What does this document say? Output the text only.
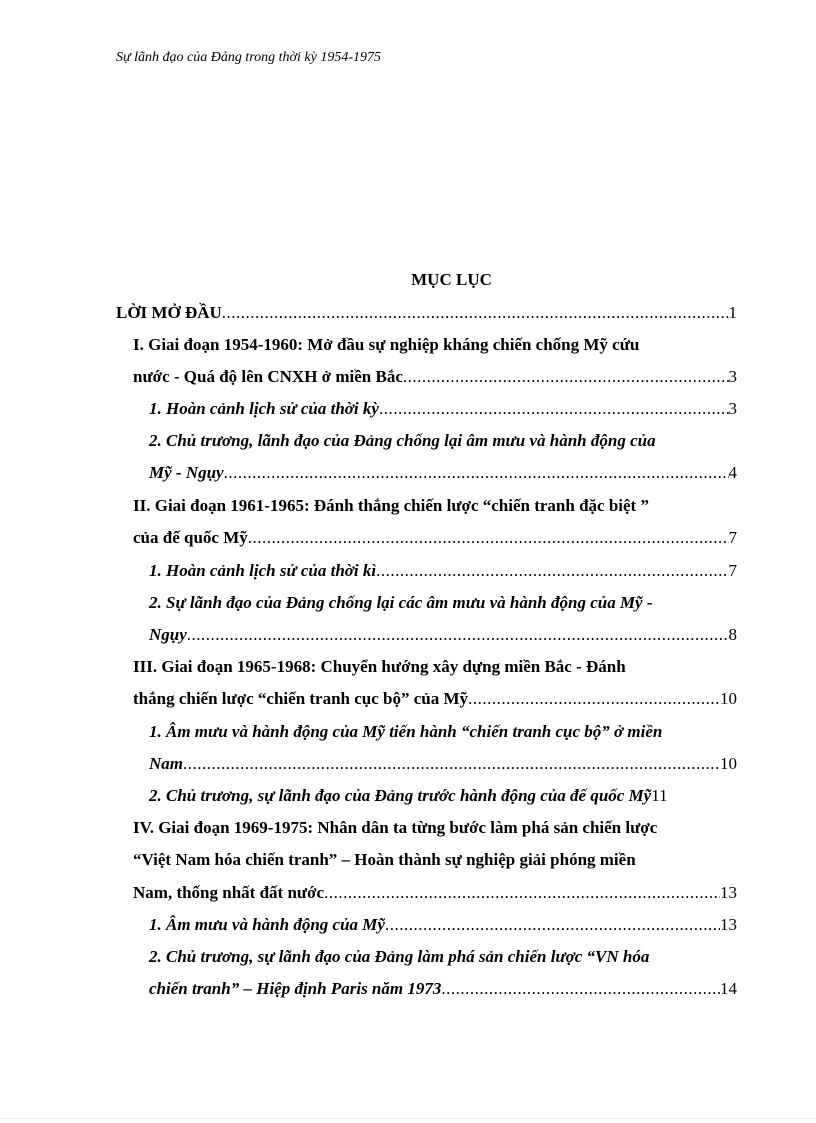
Sự lãnh đạo của Đảng trong thời kỳ 1954-1975
MỤC LỤC
LỜI MỞ ĐẦU .....	1
I. Giai đoạn 1954-1960: Mở đầu sự nghiệp kháng chiến chống Mỹ cứu
nước - Quá độ lên CNXH ở miền Bắc .....	3
1. Hoàn cảnh lịch sử của thời kỳ .....	3
2. Chủ trương, lãnh đạo của Đảng chống lại âm mưu và hành động của
Mỹ - Ngụy .....	4
II. Giai đoạn 1961-1965: Đánh thắng chiến lược “chiến tranh đặc biệt ”
của đế quốc Mỹ .....	7
1. Hoàn cảnh lịch sử của thời kì .....	7
2. Sự lãnh đạo của Đảng chống lại các âm mưu và hành động của Mỹ -
Ngụy .....	8
III. Giai đoạn 1965-1968: Chuyển hướng xây dựng miền Bắc - Đánh
thắng chiến lược “chiến tranh cục bộ” của Mỹ .....	10
1. Âm mưu và hành động của Mỹ tiến hành “chiến tranh cục bộ” ở miền
Nam .....	10
2. Chủ trương, sự lãnh đạo của Đảng trước hành động của đế quốc Mỹ 11
IV. Giai đoạn 1969-1975: Nhân dân ta từng bước làm phá sản chiến lược
“Việt Nam hóa chiến tranh” – Hoàn thành sự nghiệp giải phóng miền
Nam, thống nhất đất nước .....	13
1. Âm mưu và hành động của Mỹ .....	13
2. Chủ trương, sự lãnh đạo của Đảng làm phá sản chiến lược “VN hóa
chiến tranh” – Hiệp định Paris năm 1973 .....	14
